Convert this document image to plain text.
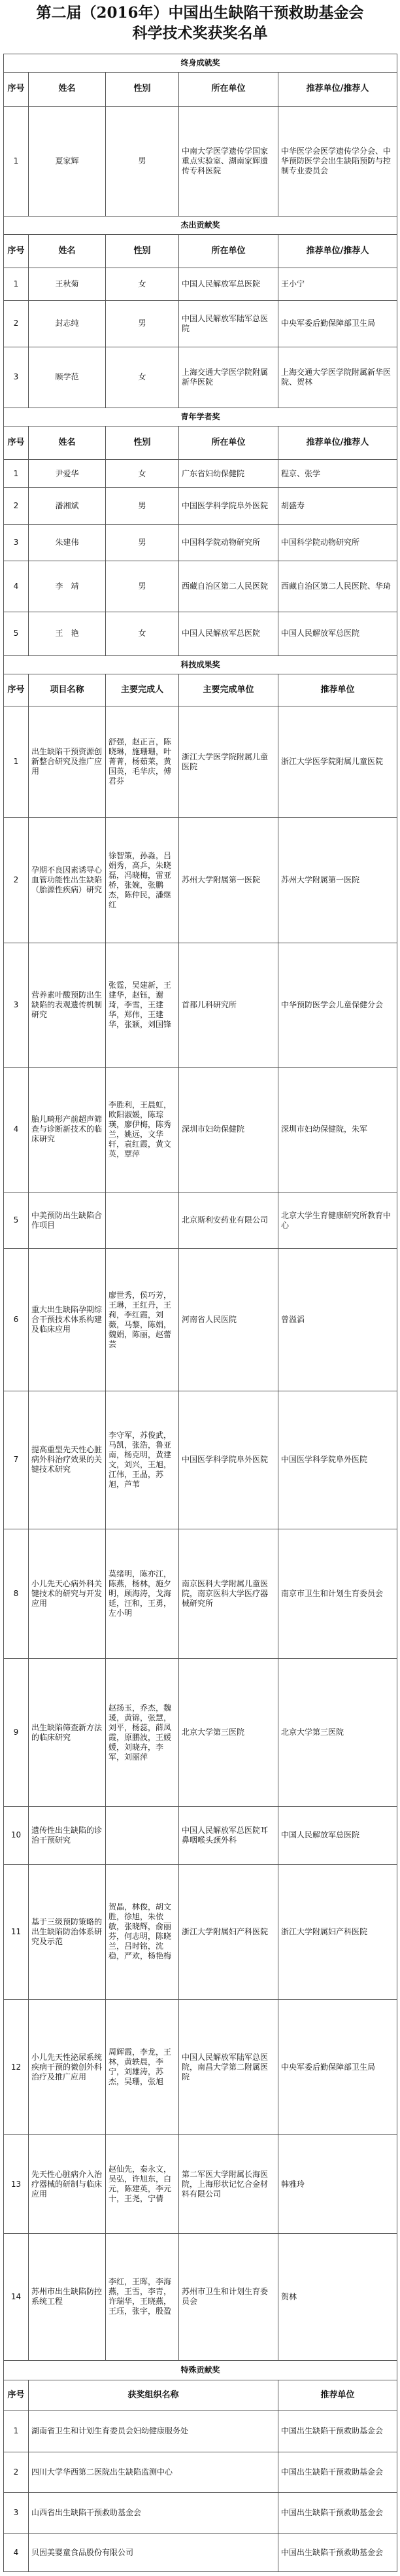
第二届（2016年）中国出生缺陷干预救助基金会
科学技术奖获奖名单
终身成就奖				
序号	姓名	性别	所在单位	推荐单位/推荐人
1	夏家辉	男	中南大学医学遗传学国家重点实验室、湖南家辉遗传专科医院	中华医学会医学遗传学分会、中华预防医学会出生缺陷预防与控制专业委员会
杰出贡献奖				
序号	姓名	性别	所在单位	推荐单位/推荐人
1	王秋菊	女	中国人民解放军总医院	王小宁
2	封志纯	男	中国人民解放军陆军总医院	中央军委后勤保障部卫生局
3	顾学范	女	上海交通大学医学院附属新华医院	上海交通大学医学院附属新华医院、贺林
青年学者奖				
序号	姓名	性别	所在单位	推荐单位/推荐人
1	尹爱华	女	广东省妇幼保健院	程京、张学
2	潘湘斌	男	中国医学科学院阜外医院	胡盛寿
3	朱建伟	男	中国科学院动物研究所	中国科学院动物研究所
4	李　靖	男	西藏自治区第二人民医院	西藏自治区第二人民医院、华琦
5	王　艳	女	中国人民解放军总医院	中国人民解放军总医院
科技成果奖				
序号	项目名称	主要完成人	主要完成单位	推荐单位
1	出生缺陷干预资源创新整合研究及推广应用	舒强，赵正言，陈晓琳，施珊珊，叶菁菁，杨茹莱，黄国英，毛华庆，傅君芬	浙江大学医学院附属儿童医院	浙江大学医学院附属儿童医院
2	孕期不良因素诱导心血管功能性出生缺陷（胎源性疾病）研究	徐智策，孙淼，吕娟秀，高乒，朱晓磊，冯晓梅，雷亚桥，张婉，张鹏杰，陈仲民，潘继红	苏州大学附属第一医院	苏州大学附属第一医院
3	营养素叶酸预防出生缺陷的表观遗传机制研究	张霆，吴建新，王建华，赵钰，谢琦，李雪，王建华，郑伟，王建华，张颖，刘国锋	首都儿科研究所	中华预防医学会儿童保健分会
4	胎儿畸形产前超声筛查与诊断新技术的临床研究	李胜利，王晨虹，欧阳淑媛，陈琮瑛，廖伊梅，陈秀兰，姚远，文华轩，袁红霞，黄文英，覃萍	深圳市妇幼保健院	深圳市妇幼保健院，朱军
5	中美预防出生缺陷合作项目		北京斯利安药业有限公司	北京大学生育健康研究所教育中心
6	重大出生缺陷孕期综合干预技术体系构建及临床应用	廖世秀，侯巧芳，王琳，王红丹，王莉，李红霞，刘薇，马黎，陈娟，魏娟，陈丽，赵蕾芸	河南省人民医院	曾溢滔
7	提高重型先天性心脏病外科治疗效果的关键技术研究	李守军，苏俊武，马凯，张浩，鲁亚南，杨克明，黄建文，刘兴，王旭，江伟，王晶，苏旭，芦苇	中国医学科学院阜外医院	中国医学科学院阜外医院
8	小儿先天心病外科关键技术的研究与开发应用	莫绪明，陈亦江，陈燕，杨林，施夕明，顾海涛，戈海延，汪和，王勇，左小明	南京医科大学附属儿童医院，南京医科大学医疗器械研究所	南京市卫生和计划生育委员会
9	出生缺陷筛查新方法的临床研究	赵扬玉，乔杰，魏瑗，黄锦，张慧，刘平，杨蕊，薛凤霞，原鹏波，王媛媛，刘晓卉，李军，刘丽萍	北京大学第三医院	北京大学第三医院
10	遗传性出生缺陷的诊治干预研究		中国人民解放军总医院耳鼻咽喉头颈外科	中国人民解放军总医院
11	基于三级预防策略的出生缺陷防治体系研究及示范	贺晶，林俊，胡文胜，徐旭，朱依敏，张晓辉，俞丽芬，何志明，陈晓兰，吕时铭，沈稳，严欢，杨艳梅	浙江大学附属妇产科医院	浙江大学附属妇产科医院
12	小儿先天性泌尿系统疾病干预的微创外科治疗及推广应用	周辉霞，李龙，王林，黄轶晨，李宁，刘雄涛，苏杰，吴珊，张旭	中国人民解放军陆军总医院，南昌大学第二附属医院	中央军委后勤保障部卫生局
13	先天性心脏病介入治疗器械的研制与临床应用	赵仙先，秦永文，吴弘，许旭东，白元，陈建英，李元十，王尧，宁倩	第二军医大学附属长海医院，上海形状记忆合金材料有限公司	韩雅玲
14	苏州市出生缺陷防控系统工程	李红，王晖，李海燕，王雪，李青，许瑞华，王晓燕，王珏，张宇，殷盈	苏州市卫生和计划生育委员会	贺林
特殊贡献奖				
序号	获奖组织名称			推荐单位
1	湖南省卫生和计划生育委员会妇幼健康服务处			中国出生缺陷干预救助基金会
2	四川大学华西第二医院出生缺陷监测中心			中国出生缺陷干预救助基金会
3	山西省出生缺陷干预救助基金会			中国出生缺陷干预救助基金会
4	贝因美婴童食品股份有限公司			中国出生缺陷干预救助基金会
